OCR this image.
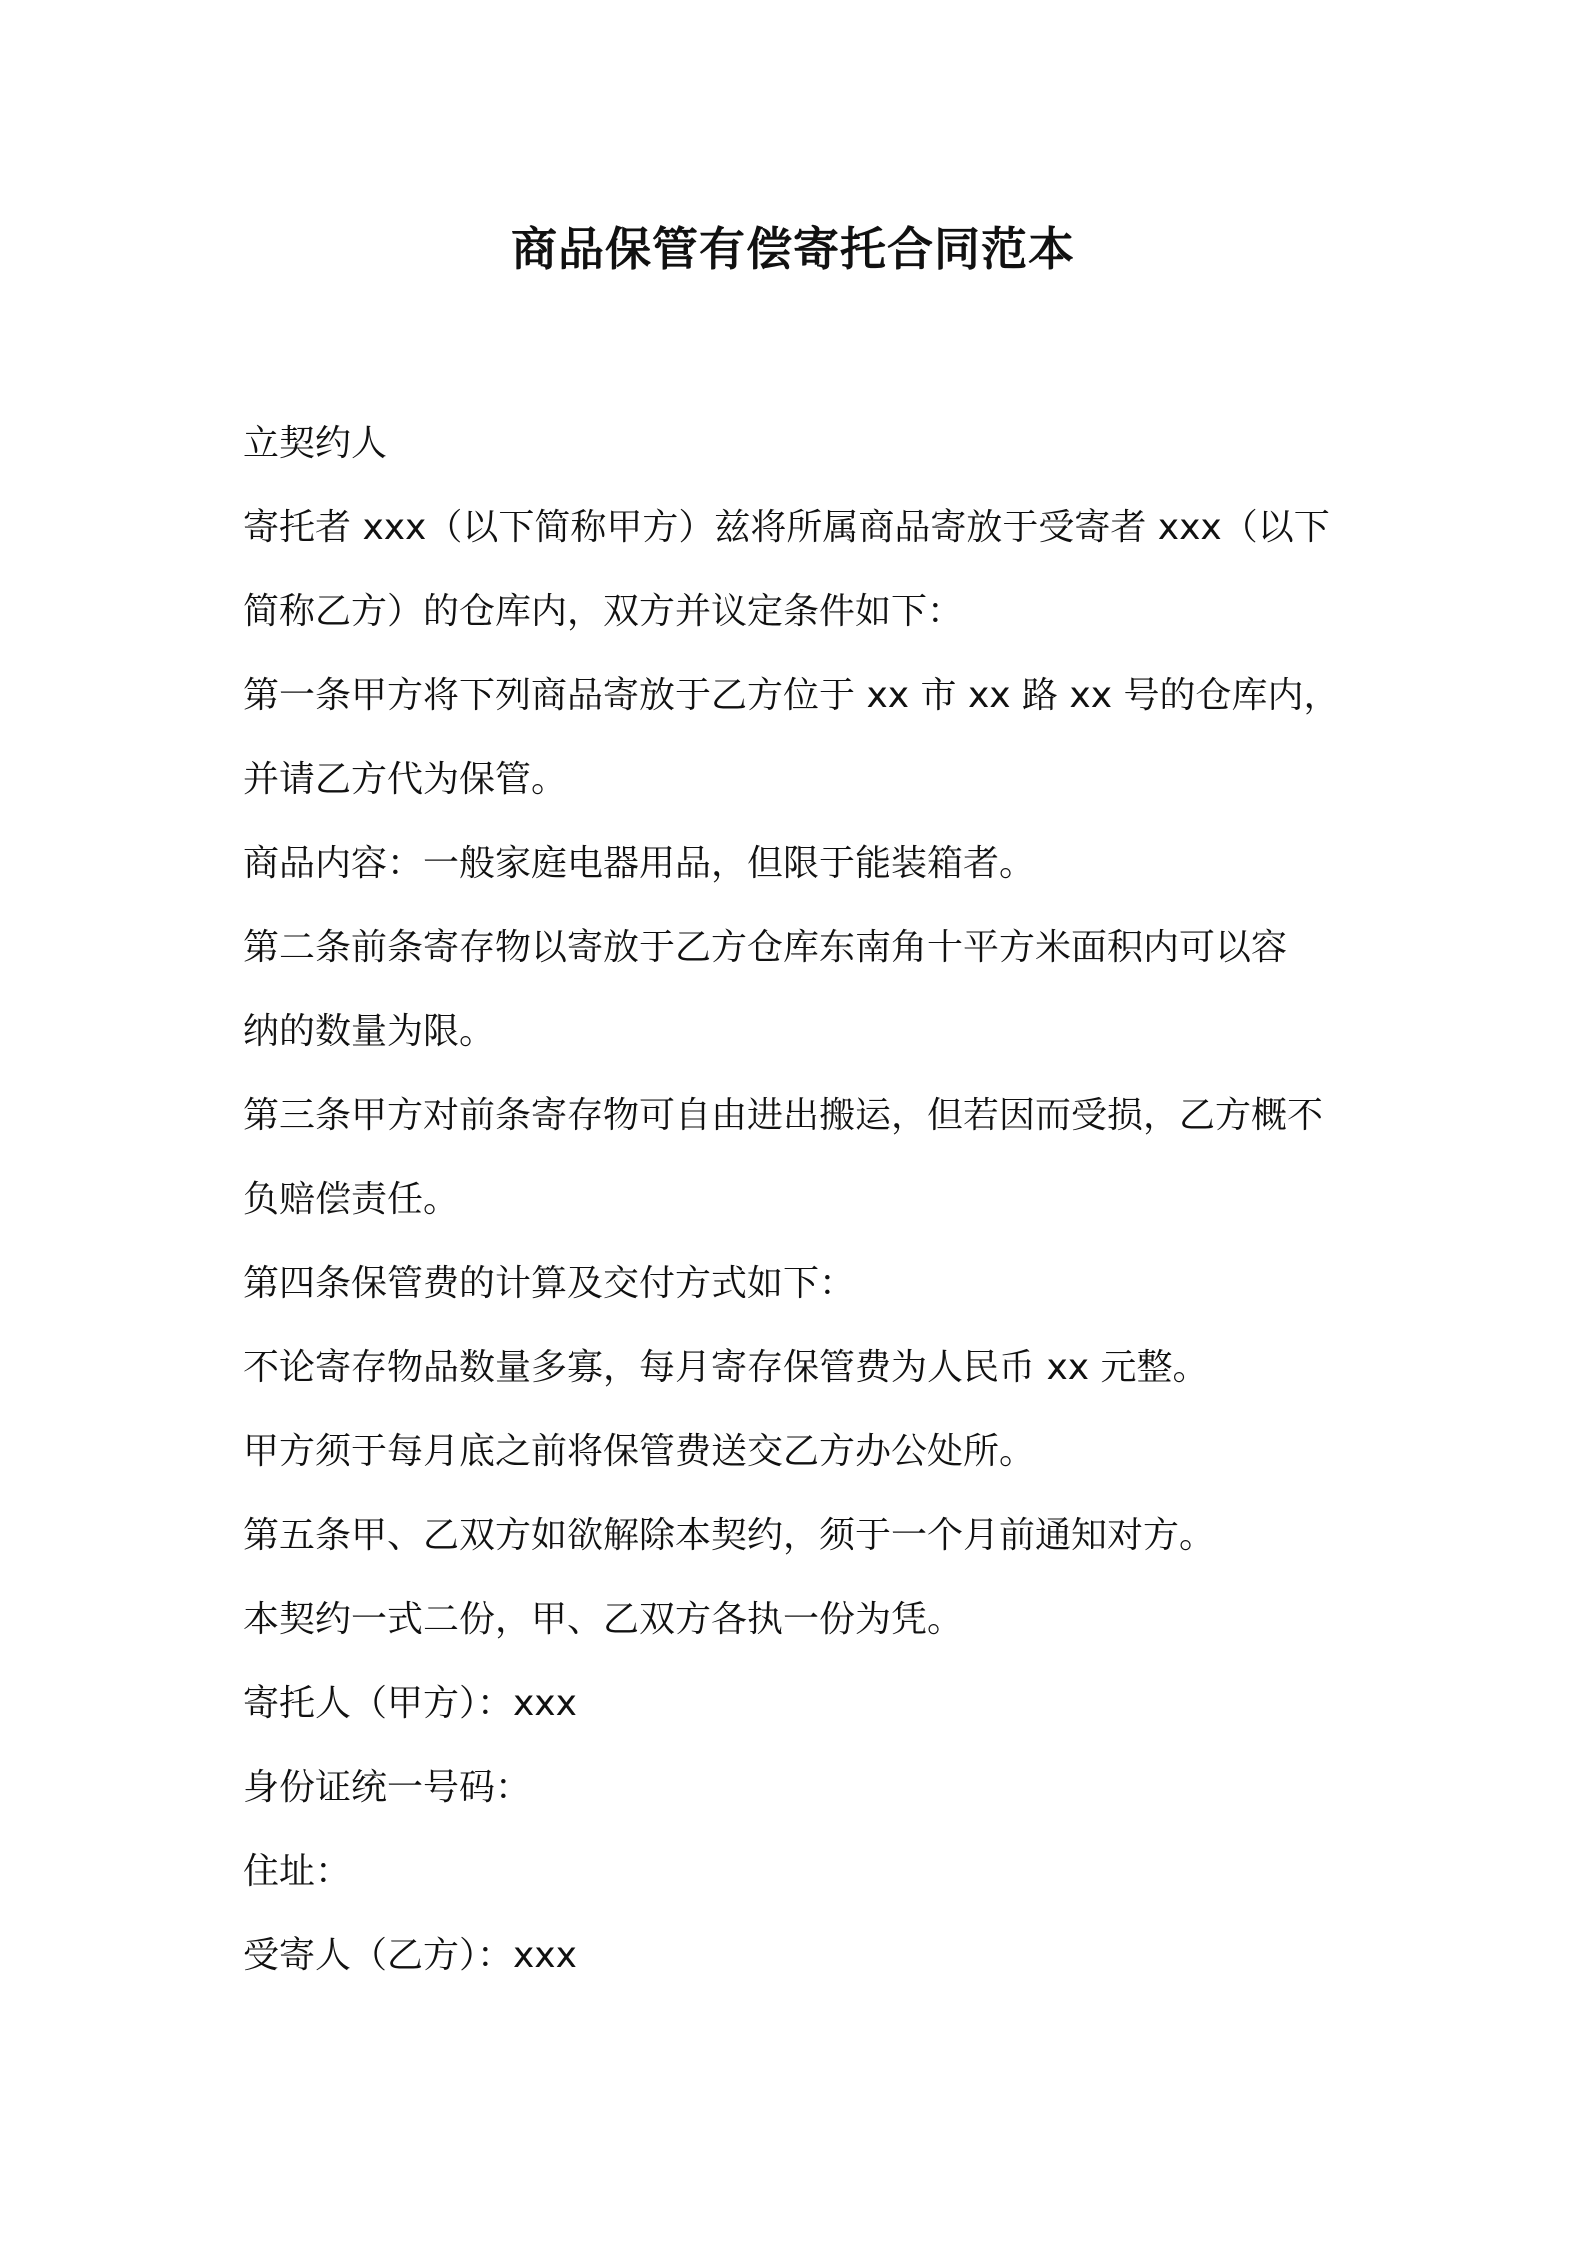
商品保管有偿寄托合同范本

立契约人

寄托者 xxx（以下简称甲方）兹将所属商品寄放于受寄者 xxx（以下

简称乙方）的仓库内，双方并议定条件如下：

第一条甲方将下列商品寄放于乙方位于 xx 市 xx 路 xx 号的仓库内，

并请乙方代为保管。

商品内容：一般家庭电器用品，但限于能装箱者。

第二条前条寄存物以寄放于乙方仓库东南角十平方米面积内可以容

纳的数量为限。

第三条甲方对前条寄存物可自由进出搬运，但若因而受损，乙方概不

负赔偿责任。

第四条保管费的计算及交付方式如下：

不论寄存物品数量多寡，每月寄存保管费为人民币 xx 元整。

甲方须于每月底之前将保管费送交乙方办公处所。

第五条甲、乙双方如欲解除本契约，须于一个月前通知对方。

本契约一式二份，甲、乙双方各执一份为凭。

寄托人（甲方）：xxx

身份证统一号码：

住址：

受寄人（乙方）：xxx
